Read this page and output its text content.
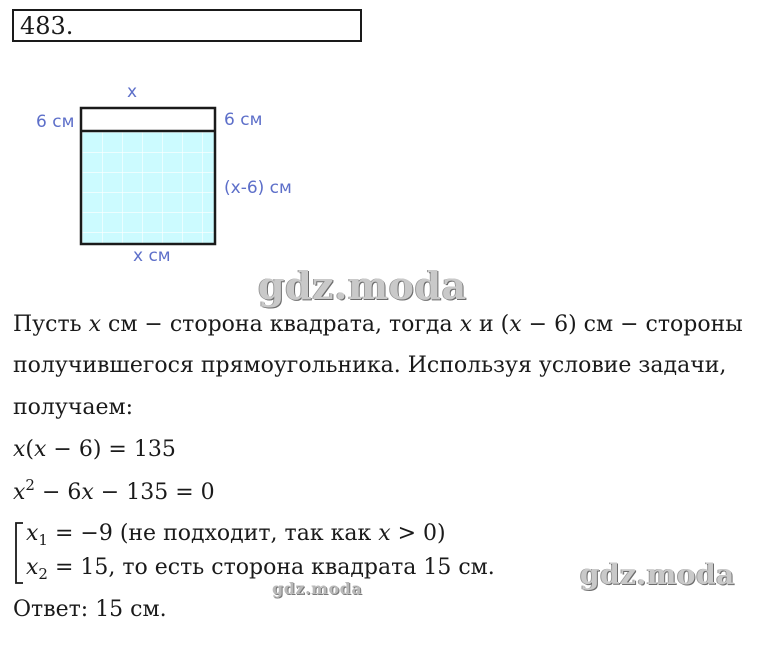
483.
x
6 см	6 см
(x-6) см
x см
gdz.moda
Пусть x см − сторона квадрата, тогда x и (x − 6) см − стороны
получившегося прямоугольника. Используя условие задачи,
получаем:
x(x − 6) = 135
$x^2 - 6x - 135 = 0$
$x_1 = -9$ (не подходит, так как x > 0)
$x_2 = 15$, то есть сторона квадрата 15 см.	gdz.moda
gdz.moda
Ответ: 15 см.
